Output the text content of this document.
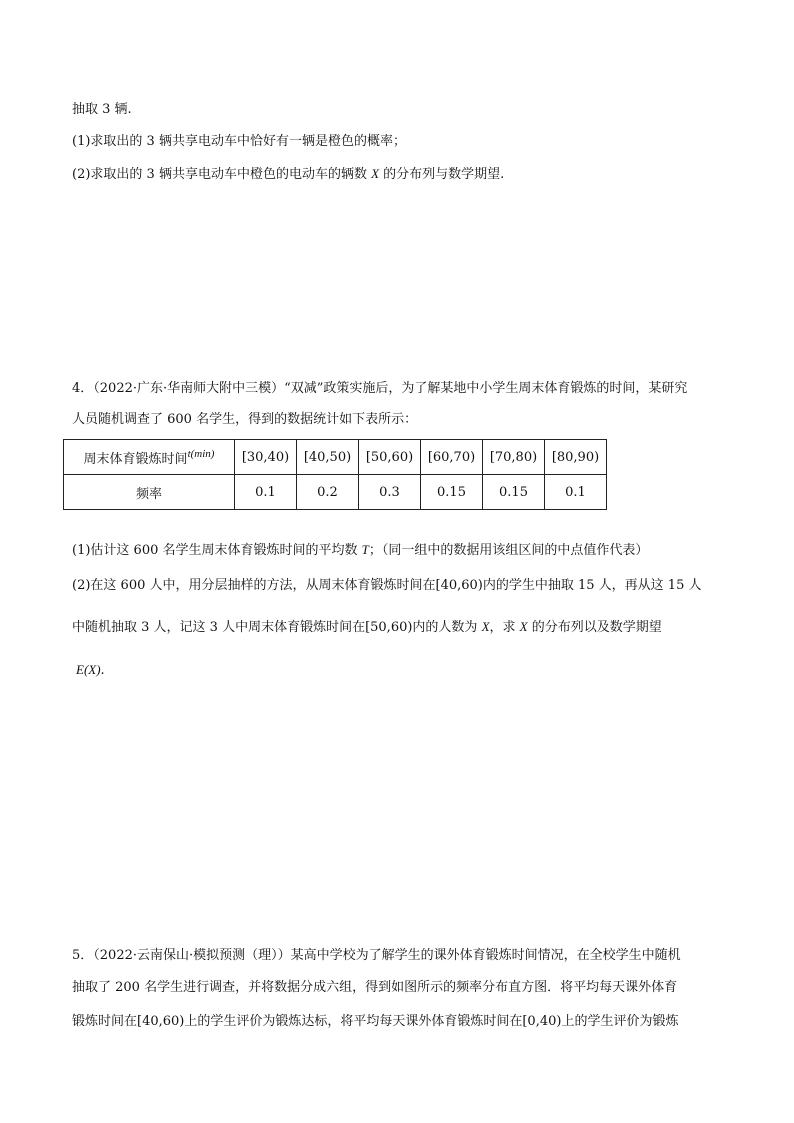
抽取 3 辆.
(1)求取出的 3 辆共享电动车中恰好有一辆是橙色的概率；
(2)求取出的 3 辆共享电动车中橙色的电动车的辆数 X 的分布列与数学期望.
4．（2022·广东·华南师大附中三模）“双减”政策实施后，为了解某地中小学生周末体育锻炼的时间，某研究
人员随机调查了 600 名学生，得到的数据统计如下表所示：
周末体育锻炼时间$^{t(min)}$	[30,40)	[40,50)	[50,60)	[60,70)	[70,80)	[80,90)
频率	0.1	0.2	0.3	0.15	0.15	0.1
(1)估计这 600 名学生周末体育锻炼时间的平均数 T；（同一组中的数据用该组区间的中点值作代表）
(2)在这 600 人中，用分层抽样的方法，从周末体育锻炼时间在[40,60)内的学生中抽取 15 人，再从这 15 人
中随机抽取 3 人，记这 3 人中周末体育锻炼时间在[50,60)内的人数为 X，求 X 的分布列以及数学期望
E(X).
5．（2022·云南保山·模拟预测（理））某高中学校为了解学生的课外体育锻炼时间情况，在全校学生中随机
抽取了 200 名学生进行调查，并将数据分成六组，得到如图所示的频率分布直方图．将平均每天课外体育
锻炼时间在[40,60)上的学生评价为锻炼达标，将平均每天课外体育锻炼时间在[0,40)上的学生评价为锻炼
